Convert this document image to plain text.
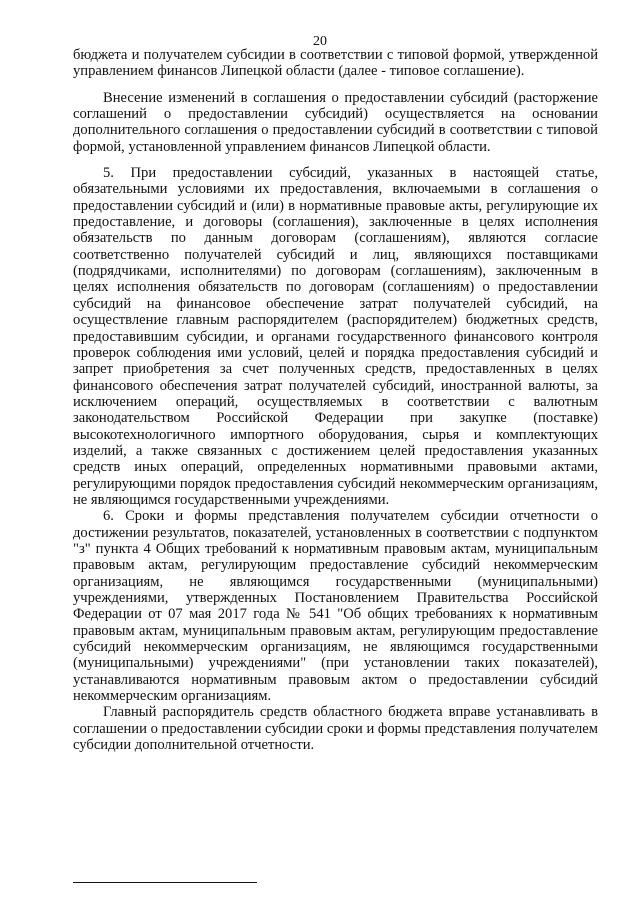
20

бюджета и получателем субсидии в соответствии с типовой формой, утвержденной управлением финансов Липецкой области (далее - типовое соглашение).

Внесение изменений в соглашения о предоставлении субсидий (расторжение соглашений о предоставлении субсидий) осуществляется на основании дополнительного соглашения о предоставлении субсидий в соответствии с типовой формой, установленной управлением финансов Липецкой области.

5. При предоставлении субсидий, указанных в настоящей статье, обязательными условиями их предоставления, включаемыми в соглашения о предоставлении субсидий и (или) в нормативные правовые акты, регулирующие их предоставление, и договоры (соглашения), заключенные в целях исполнения обязательств по данным договорам (соглашениям), являются согласие соответственно получателей субсидий и лиц, являющихся поставщиками (подрядчиками, исполнителями) по договорам (соглашениям), заключенным в целях исполнения обязательств по договорам (соглашениям) о предоставлении субсидий на финансовое обеспечение затрат получателей субсидий, на осуществление главным распорядителем (распорядителем) бюджетных средств, предоставившим субсидии, и органами государственного финансового контроля проверок соблюдения ими условий, целей и порядка предоставления субсидий и запрет приобретения за счет полученных средств, предоставленных в целях финансового обеспечения затрат получателей субсидий, иностранной валюты, за исключением операций, осуществляемых в соответствии с валютным законодательством Российской Федерации при закупке (поставке) высокотехнологичного импортного оборудования, сырья и комплектующих изделий, а также связанных с достижением целей предоставления указанных средств иных операций, определенных нормативными правовыми актами, регулирующими порядок предоставления субсидий некоммерческим организациям, не являющимся государственными учреждениями.

6. Сроки и формы представления получателем субсидии отчетности о достижении результатов, показателей, установленных в соответствии с подпунктом "з" пункта 4 Общих требований к нормативным правовым актам, муниципальным правовым актам, регулирующим предоставление субсидий некоммерческим организациям, не являющимся государственными (муниципальными) учреждениями, утвержденных Постановлением Правительства Российской Федерации от 07 мая 2017 года № 541 "Об общих требованиях к нормативным правовым актам, муниципальным правовым актам, регулирующим предоставление субсидий некоммерческим организациям, не являющимся государственными (муниципальными) учреждениями" (при установлении таких показателей), устанавливаются нормативным правовым актом о предоставлении субсидий некоммерческим организациям.

Главный распорядитель средств областного бюджета вправе устанавливать в соглашении о предоставлении субсидии сроки и формы представления получателем субсидии дополнительной отчетности.
